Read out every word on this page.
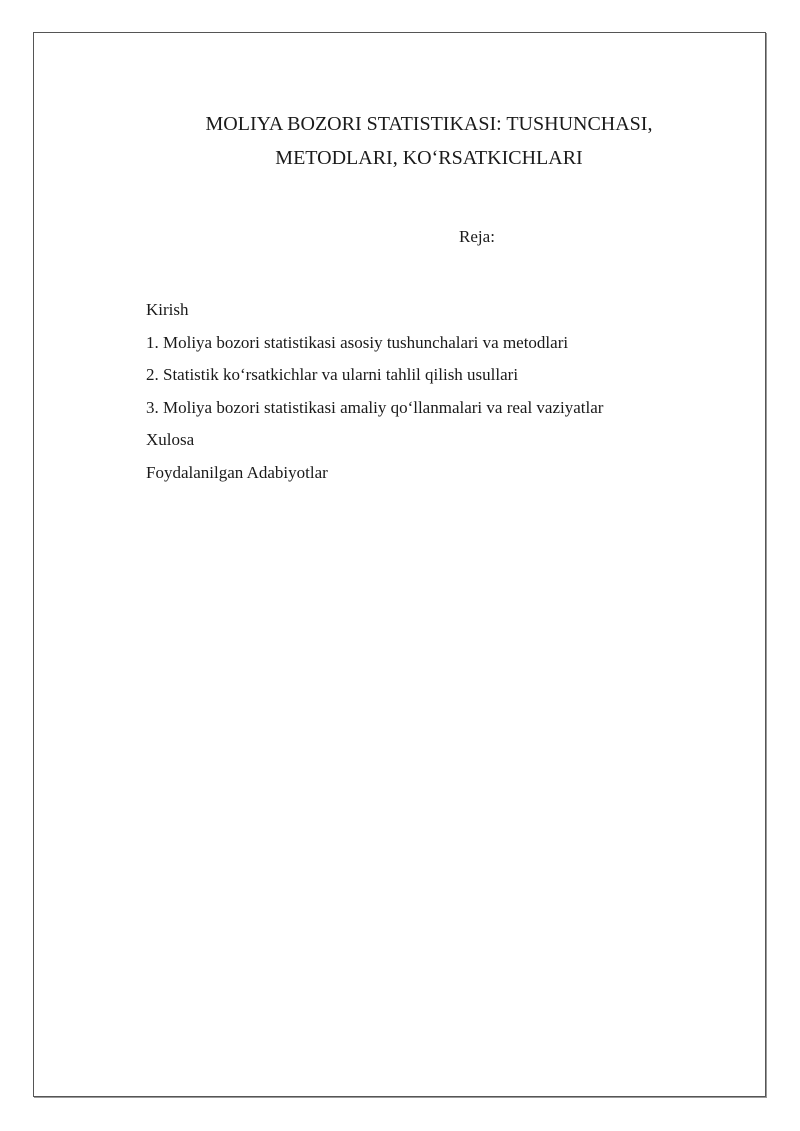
MOLIYA BOZORI STATISTIKASI: TUSHUNCHASI,
METODLARI, KO‘RSATKICHLARI

Reja:

Kirish
1. Moliya bozori statistikasi asosiy tushunchalari va metodlari
2. Statistik ko‘rsatkichlar va ularni tahlil qilish usullari
3. Moliya bozori statistikasi amaliy qo‘llanmalari va real vaziyatlar
Xulosa
Foydalanilgan Adabiyotlar
